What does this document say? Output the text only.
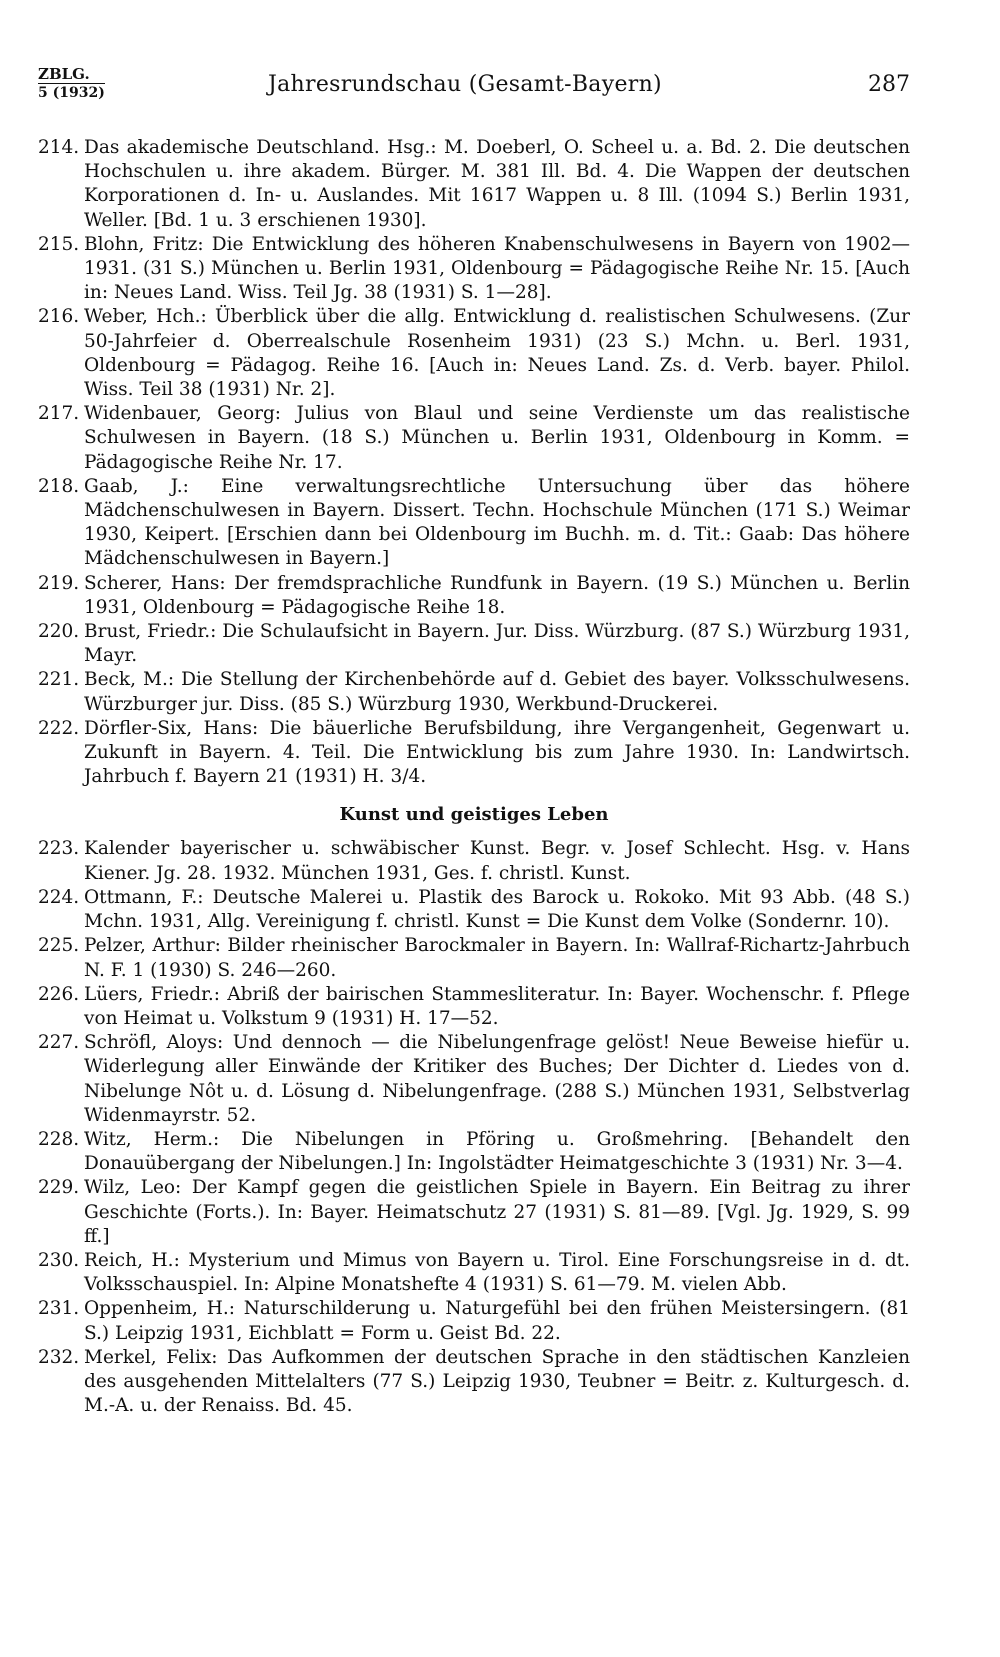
ZBLG.
5 (1932)	Jahresrundschau (Gesamt-Bayern)	287
214. Das akademische Deutschland. Hsg.: M. Doeberl, O. Scheel u. a. Bd. 2. Die deutschen Hochschulen u. ihre akadem. Bürger. M. 381 Ill. Bd. 4. Die Wappen der deutschen Korporationen d. In- u. Auslandes. Mit 1617 Wappen u. 8 Ill. (1094 S.) Berlin 1931, Weller. [Bd. 1 u. 3 erschienen 1930].
215. Blohn, Fritz: Die Entwicklung des höheren Knabenschulwesens in Bayern von 1902—1931. (31 S.) München u. Berlin 1931, Oldenbourg = Pädagogische Reihe Nr. 15. [Auch in: Neues Land. Wiss. Teil Jg. 38 (1931) S. 1—28].
216. Weber, Hch.: Überblick über die allg. Entwicklung d. realistischen Schulwesens. (Zur 50-Jahrfeier d. Oberrealschule Rosenheim 1931) (23 S.) Mchn. u. Berl. 1931, Oldenbourg = Pädagog. Reihe 16. [Auch in: Neues Land. Zs. d. Verb. bayer. Philol. Wiss. Teil 38 (1931) Nr. 2].
217. Widenbauer, Georg: Julius von Blaul und seine Verdienste um das realistische Schulwesen in Bayern. (18 S.) München u. Berlin 1931, Oldenbourg in Komm. = Pädagogische Reihe Nr. 17.
218. Gaab, J.: Eine verwaltungsrechtliche Untersuchung über das höhere Mädchenschulwesen in Bayern. Dissert. Techn. Hochschule München (171 S.) Weimar 1930, Keipert. [Erschien dann bei Oldenbourg im Buchh. m. d. Tit.: Gaab: Das höhere Mädchenschulwesen in Bayern.]
219. Scherer, Hans: Der fremdsprachliche Rundfunk in Bayern. (19 S.) München u. Berlin 1931, Oldenbourg = Pädagogische Reihe 18.
220. Brust, Friedr.: Die Schulaufsicht in Bayern. Jur. Diss. Würzburg. (87 S.) Würzburg 1931, Mayr.
221. Beck, M.: Die Stellung der Kirchenbehörde auf d. Gebiet des bayer. Volksschulwesens. Würzburger jur. Diss. (85 S.) Würzburg 1930, Werkbund-Druckerei.
222. Dörfler-Six, Hans: Die bäuerliche Berufsbildung, ihre Vergangenheit, Gegenwart u. Zukunft in Bayern. 4. Teil. Die Entwicklung bis zum Jahre 1930. In: Landwirtsch. Jahrbuch f. Bayern 21 (1931) H. 3/4.
Kunst und geistiges Leben
223. Kalender bayerischer u. schwäbischer Kunst. Begr. v. Josef Schlecht. Hsg. v. Hans Kiener. Jg. 28. 1932. München 1931, Ges. f. christl. Kunst.
224. Ottmann, F.: Deutsche Malerei u. Plastik des Barock u. Rokoko. Mit 93 Abb. (48 S.) Mchn. 1931, Allg. Vereinigung f. christl. Kunst = Die Kunst dem Volke (Sondernr. 10).
225. Pelzer, Arthur: Bilder rheinischer Barockmaler in Bayern. In: Wallraf-Richartz-Jahrbuch N. F. 1 (1930) S. 246—260.
226. Lüers, Friedr.: Abriß der bairischen Stammesliteratur. In: Bayer. Wochenschr. f. Pflege von Heimat u. Volkstum 9 (1931) H. 17—52.
227. Schröfl, Aloys: Und dennoch — die Nibelungenfrage gelöst! Neue Beweise hiefür u. Widerlegung aller Einwände der Kritiker des Buches; Der Dichter d. Liedes von d. Nibelunge Nôt u. d. Lösung d. Nibelungenfrage. (288 S.) München 1931, Selbstverlag Widenmayrstr. 52.
228. Witz, Herm.: Die Nibelungen in Pföring u. Großmehring. [Behandelt den Donauübergang der Nibelungen.] In: Ingolstädter Heimatgeschichte 3 (1931) Nr. 3—4.
229. Wilz, Leo: Der Kampf gegen die geistlichen Spiele in Bayern. Ein Beitrag zu ihrer Geschichte (Forts.). In: Bayer. Heimatschutz 27 (1931) S. 81—89. [Vgl. Jg. 1929, S. 99 ff.]
230. Reich, H.: Mysterium und Mimus von Bayern u. Tirol. Eine Forschungsreise in d. dt. Volksschauspiel. In: Alpine Monatshefte 4 (1931) S. 61—79. M. vielen Abb.
231. Oppenheim, H.: Naturschilderung u. Naturgefühl bei den frühen Meistersingern. (81 S.) Leipzig 1931, Eichblatt = Form u. Geist Bd. 22.
232. Merkel, Felix: Das Aufkommen der deutschen Sprache in den städtischen Kanzleien des ausgehenden Mittelalters (77 S.) Leipzig 1930, Teubner = Beitr. z. Kulturgesch. d. M.-A. u. der Renaiss. Bd. 45.
